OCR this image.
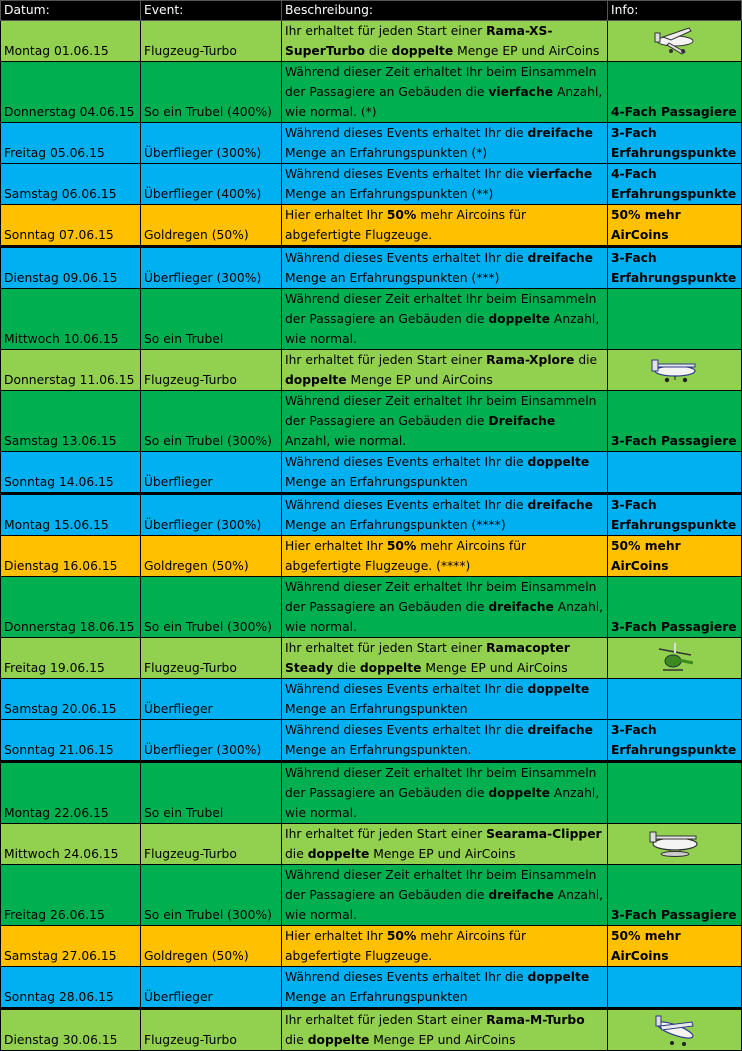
Datum:	Event:	Beschreibung:	Info:
Montag 01.06.15	Flugzeug-Turbo	Ihr erhaltet für jeden Start einer Rama-XS-SuperTurbo die doppelte Menge EP und AirCoins	

Donnerstag 04.06.15	So ein Trubel (400%)	Während dieser Zeit erhaltet Ihr beim Einsammeln der Passagiere an Gebäuden die vierfache Anzahl, wie normal. (*)	4-Fach Passagiere
Freitag 05.06.15	Überflieger (300%)	Während dieses Events erhaltet Ihr die dreifache Menge an Erfahrungspunkten (*)	3-Fach Erfahrungspunkte
Samstag 06.06.15	Überflieger (400%)	Während dieses Events erhaltet Ihr die vierfache Menge an Erfahrungspunkten (**)	4-Fach Erfahrungspunkte
Sonntag 07.06.15	Goldregen (50%)	Hier erhaltet Ihr 50% mehr Aircoins für abgefertigte Flugzeuge.	50% mehr AirCoins
Dienstag 09.06.15	Überflieger (300%)	Während dieses Events erhaltet Ihr die dreifache Menge an Erfahrungspunkten (***)	3-Fach Erfahrungspunkte
Mittwoch 10.06.15	So ein Trubel	Während dieser Zeit erhaltet Ihr beim Einsammeln der Passagiere an Gebäuden die doppelte Anzahl, wie normal.	
Donnerstag 11.06.15	Flugzeug-Turbo	Ihr erhaltet für jeden Start einer Rama-Xplore die doppelte Menge EP und AirCoins	

Samstag 13.06.15	So ein Trubel (300%)	Während dieser Zeit erhaltet Ihr beim Einsammeln der Passagiere an Gebäuden die Dreifache Anzahl, wie normal.	3-Fach Passagiere
Sonntag 14.06.15	Überflieger	Während dieses Events erhaltet Ihr die doppelte Menge an Erfahrungspunkten	
Montag 15.06.15	Überflieger (300%)	Während dieses Events erhaltet Ihr die dreifache Menge an Erfahrungspunkten (****)	3-Fach Erfahrungspunkte
Dienstag 16.06.15	Goldregen (50%)	Hier erhaltet Ihr 50% mehr Aircoins für abgefertigte Flugzeuge. (****)	50% mehr AirCoins
Donnerstag 18.06.15	So ein Trubel (300%)	Während dieser Zeit erhaltet Ihr beim Einsammeln der Passagiere an Gebäuden die dreifache Anzahl, wie normal.	3-Fach Passagiere
Freitag 19.06.15	Flugzeug-Turbo	Ihr erhaltet für jeden Start einer Ramacopter Steady die doppelte Menge EP und AirCoins	

Samstag 20.06.15	Überflieger	Während dieses Events erhaltet Ihr die doppelte Menge an Erfahrungspunkten	
Sonntag 21.06.15	Überflieger (300%)	Während dieses Events erhaltet Ihr die dreifache Menge an Erfahrungspunkten.	3-Fach Erfahrungspunkte
Montag 22.06.15	So ein Trubel	Während dieser Zeit erhaltet Ihr beim Einsammeln der Passagiere an Gebäuden die doppelte Anzahl, wie normal.	
Mittwoch 24.06.15	Flugzeug-Turbo	Ihr erhaltet für jeden Start einer Searama-Clipper die doppelte Menge EP und AirCoins	

Freitag 26.06.15	So ein Trubel (300%)	Während dieser Zeit erhaltet Ihr beim Einsammeln der Passagiere an Gebäuden die dreifache Anzahl, wie normal.	3-Fach Passagiere
Samstag 27.06.15	Goldregen (50%)	Hier erhaltet Ihr 50% mehr Aircoins für abgefertigte Flugzeuge.	50% mehr AirCoins
Sonntag 28.06.15	Überflieger	Während dieses Events erhaltet Ihr die doppelte Menge an Erfahrungspunkten	
Dienstag 30.06.15	Flugzeug-Turbo	Ihr erhaltet für jeden Start einer Rama-M-Turbo die doppelte Menge EP und AirCoins	
